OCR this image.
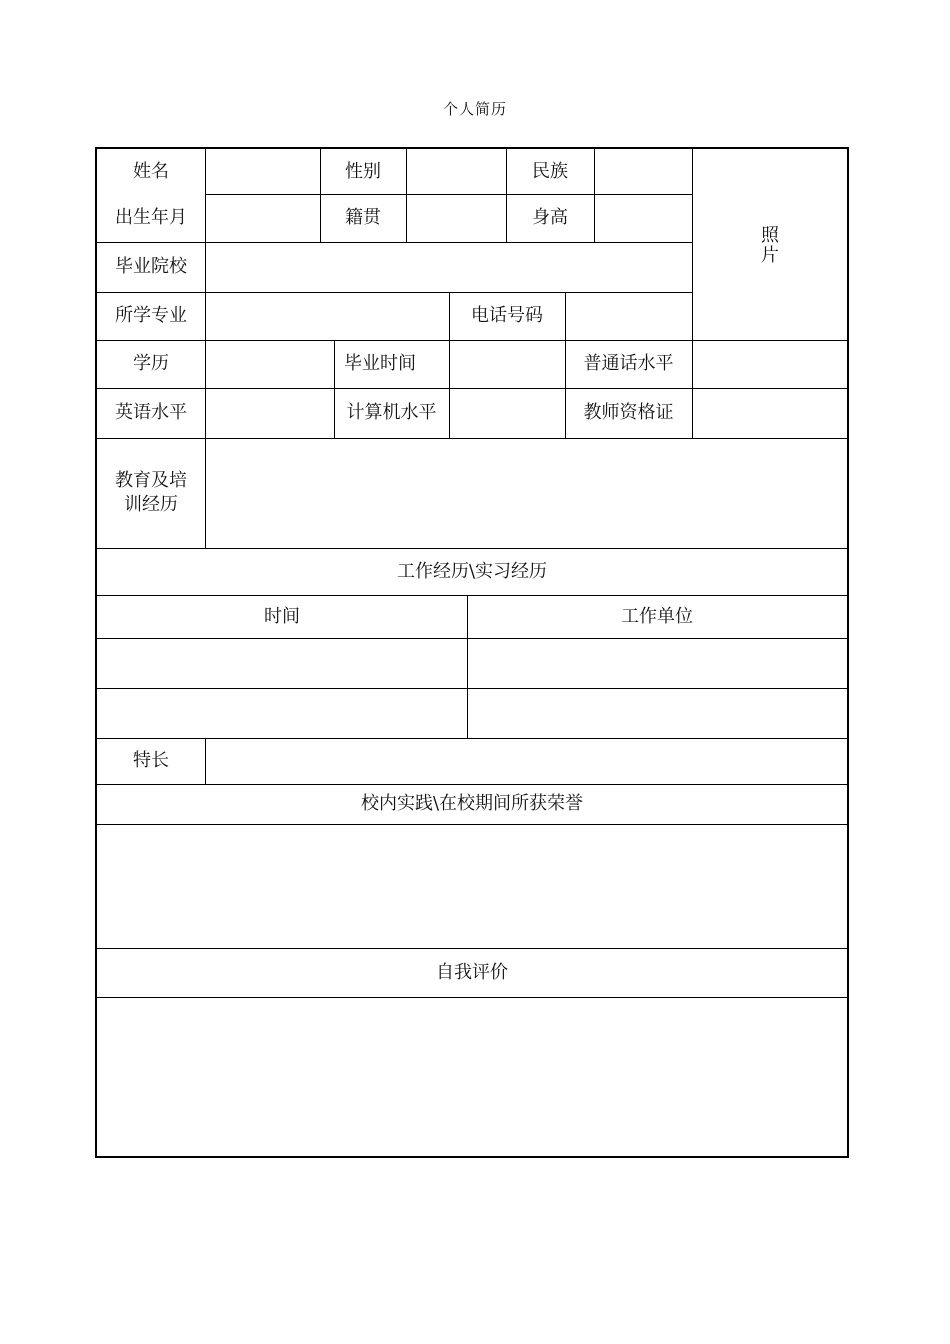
个人简历
姓名	性别	民族
照片
出生年月	籍贯	身高
毕业院校
所学专业	电话号码
学历	毕业时间	普通话水平
英语水平	计算机水平	教师资格证
教育及培训经历
工作经历\实习经历
时间	工作单位
特长
校内实践\在校期间所获荣誉
自我评价
